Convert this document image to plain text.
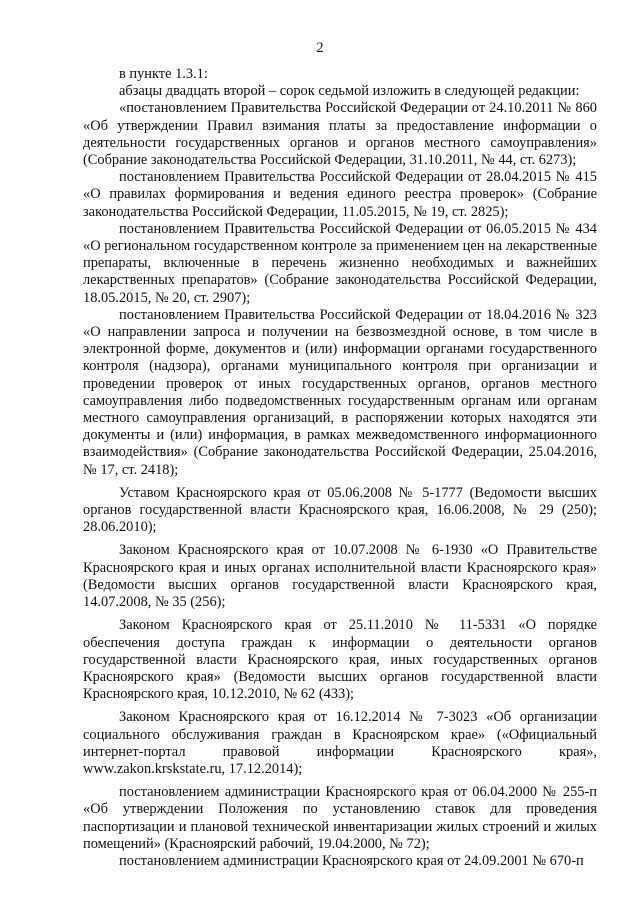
2

в пункте 1.3.1:

абзацы двадцать второй – сорок седьмой изложить в следующей редакции:

«постановлением Правительства Российской Федерации от 24.10.2011 № 860 «Об утверждении Правил взимания платы за предоставление информации о деятельности государственных органов и органов местного самоуправления» (Собрание законодательства Российской Федерации, 31.10.2011, № 44, ст. 6273);

постановлением Правительства Российской Федерации от 28.04.2015 № 415 «О правилах формирования и ведения единого реестра проверок» (Собрание законодательства Российской Федерации, 11.05.2015, № 19, ст. 2825);

постановлением Правительства Российской Федерации от 06.05.2015 № 434 «О региональном государственном контроле за применением цен на лекарственные препараты, включенные в перечень жизненно необходимых и важнейших лекарственных препаратов» (Собрание законодательства Российской Федерации, 18.05.2015, № 20, ст. 2907);

постановлением Правительства Российской Федерации от 18.04.2016 № 323 «О направлении запроса и получении на безвозмездной основе, в том числе в электронной форме, документов и (или) информации органами государственного контроля (надзора), органами муниципального контроля при организации и проведении проверок от иных государственных органов, органов местного самоуправления либо подведомственных государственным органам или органам местного самоуправления организаций, в распоряжении которых находятся эти документы и (или) информация, в рамках межведомственного информационного взаимодействия» (Собрание законодательства Российской Федерации, 25.04.2016, № 17, ст. 2418);

Уставом Красноярского края от 05.06.2008 № 5-1777 (Ведомости высших органов государственной власти Красноярского края, 16.06.2008, № 29 (250); 28.06.2010);

Законом Красноярского края от 10.07.2008 № 6-1930 «О Правительстве Красноярского края и иных органах исполнительной власти Красноярского края» (Ведомости высших органов государственной власти Красноярского края, 14.07.2008, № 35 (256);

Законом Красноярского края от 25.11.2010 № 11-5331 «О порядке обеспечения доступа граждан к информации о деятельности органов государственной власти Красноярского края, иных государственных органов Красноярского края» (Ведомости высших органов государственной власти Красноярского края, 10.12.2010, № 62 (433);

Законом Красноярского края от 16.12.2014 № 7-3023 «Об организации социального обслуживания граждан в Красноярском крае» («Официальный интернет-портал правовой информации Красноярского края», www.zakon.krskstate.ru, 17.12.2014);

постановлением администрации Красноярского края от 06.04.2000 № 255-п «Об утверждении Положения по установлению ставок для проведения паспортизации и плановой технической инвентаризации жилых строений и жилых помещений» (Красноярский рабочий, 19.04.2000, № 72);

постановлением администрации Красноярского края от 24.09.2001 № 670-п
